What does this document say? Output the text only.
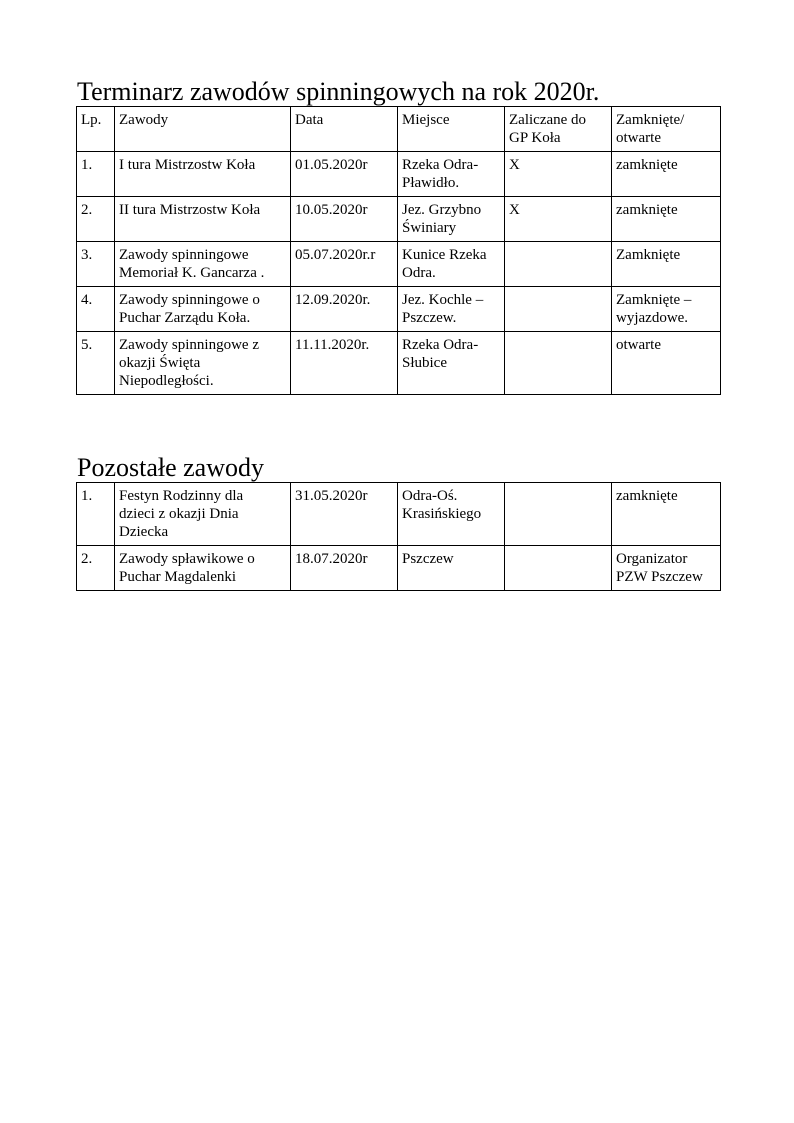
Terminarz zawodów spinningowych na rok 2020r.
Lp.	Zawody	Data	Miejsce	Zaliczane do
GP Koła	Zamknięte/
otwarte
1.	I tura Mistrzostw Koła	01.05.2020r	Rzeka Odra-
Pławidło.	X	zamknięte
2.	II tura Mistrzostw Koła	10.05.2020r	Jez. Grzybno
Świniary	X	zamknięte
3.	Zawody spinningowe
Memoriał K. Gancarza .	05.07.2020r.r	Kunice Rzeka
Odra.		Zamknięte
4.	Zawody spinningowe o
Puchar Zarządu Koła.	12.09.2020r.	Jez. Kochle –
Pszczew.		Zamknięte –
wyjazdowe.
5.	Zawody spinningowe z
okazji Święta
Niepodległości.	11.11.2020r.	Rzeka Odra-
Słubice		otwarte
Pozostałe zawody
1.	Festyn Rodzinny dla
dzieci z okazji Dnia
Dziecka	31.05.2020r	Odra-Oś.
Krasińskiego		zamknięte
2.	Zawody spławikowe o
Puchar Magdalenki	18.07.2020r	Pszczew		Organizator
PZW Pszczew
